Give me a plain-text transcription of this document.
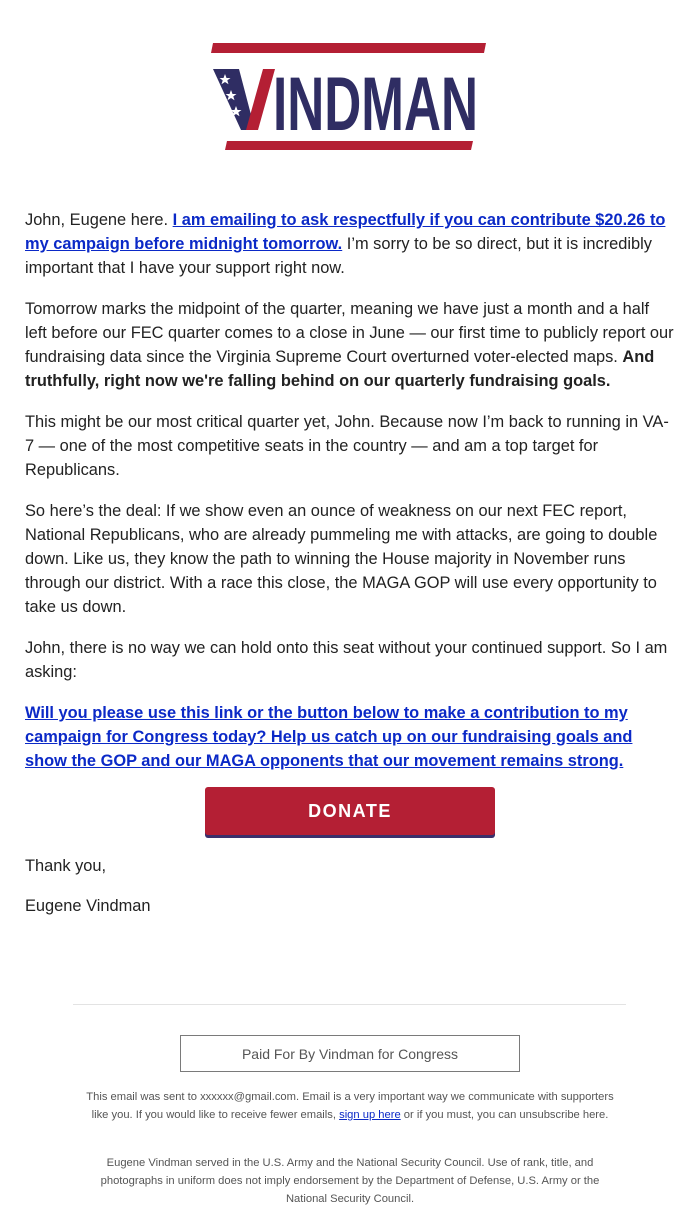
INDMAN

John, Eugene here. I am emailing to ask respectfully if you can contribute $20.26 to my campaign before midnight tomorrow. I’m sorry to be so direct, but it is incredibly important that I have your support right now.

Tomorrow marks the midpoint of the quarter, meaning we have just a month and a half left before our FEC quarter comes to a close in June — our first time to publicly report our fundraising data since the Virginia Supreme Court overturned voter-elected maps. And truthfully, right now we're falling behind on our quarterly fundraising goals.

This might be our most critical quarter yet, John. Because now I’m back to running in VA-7 — one of the most competitive seats in the country — and am a top target for Republicans.

So here’s the deal: If we show even an ounce of weakness on our next FEC report, National Republicans, who are already pummeling me with attacks, are going to double down. Like us, they know the path to winning the House majority in November runs through our district. With a race this close, the MAGA GOP will use every opportunity to take us down.

John, there is no way we can hold onto this seat without your continued support. So I am asking:

Will you please use this link or the button below to make a contribution to my campaign for Congress today? Help us catch up on our fundraising goals and show the GOP and our MAGA opponents that our movement remains strong.

DONATE
Thank you,
Eugene Vindman
Paid For By Vindman for Congress
This email was sent to xxxxxx@gmail.com. Email is a very important way we communicate with supporters like you. If you would like to receive fewer emails, sign up here or if you must, you can unsubscribe here.
Eugene Vindman served in the U.S. Army and the National Security Council. Use of rank, title, and photographs in uniform does not imply endorsement by the Department of Defense, U.S. Army or the National Security Council.
